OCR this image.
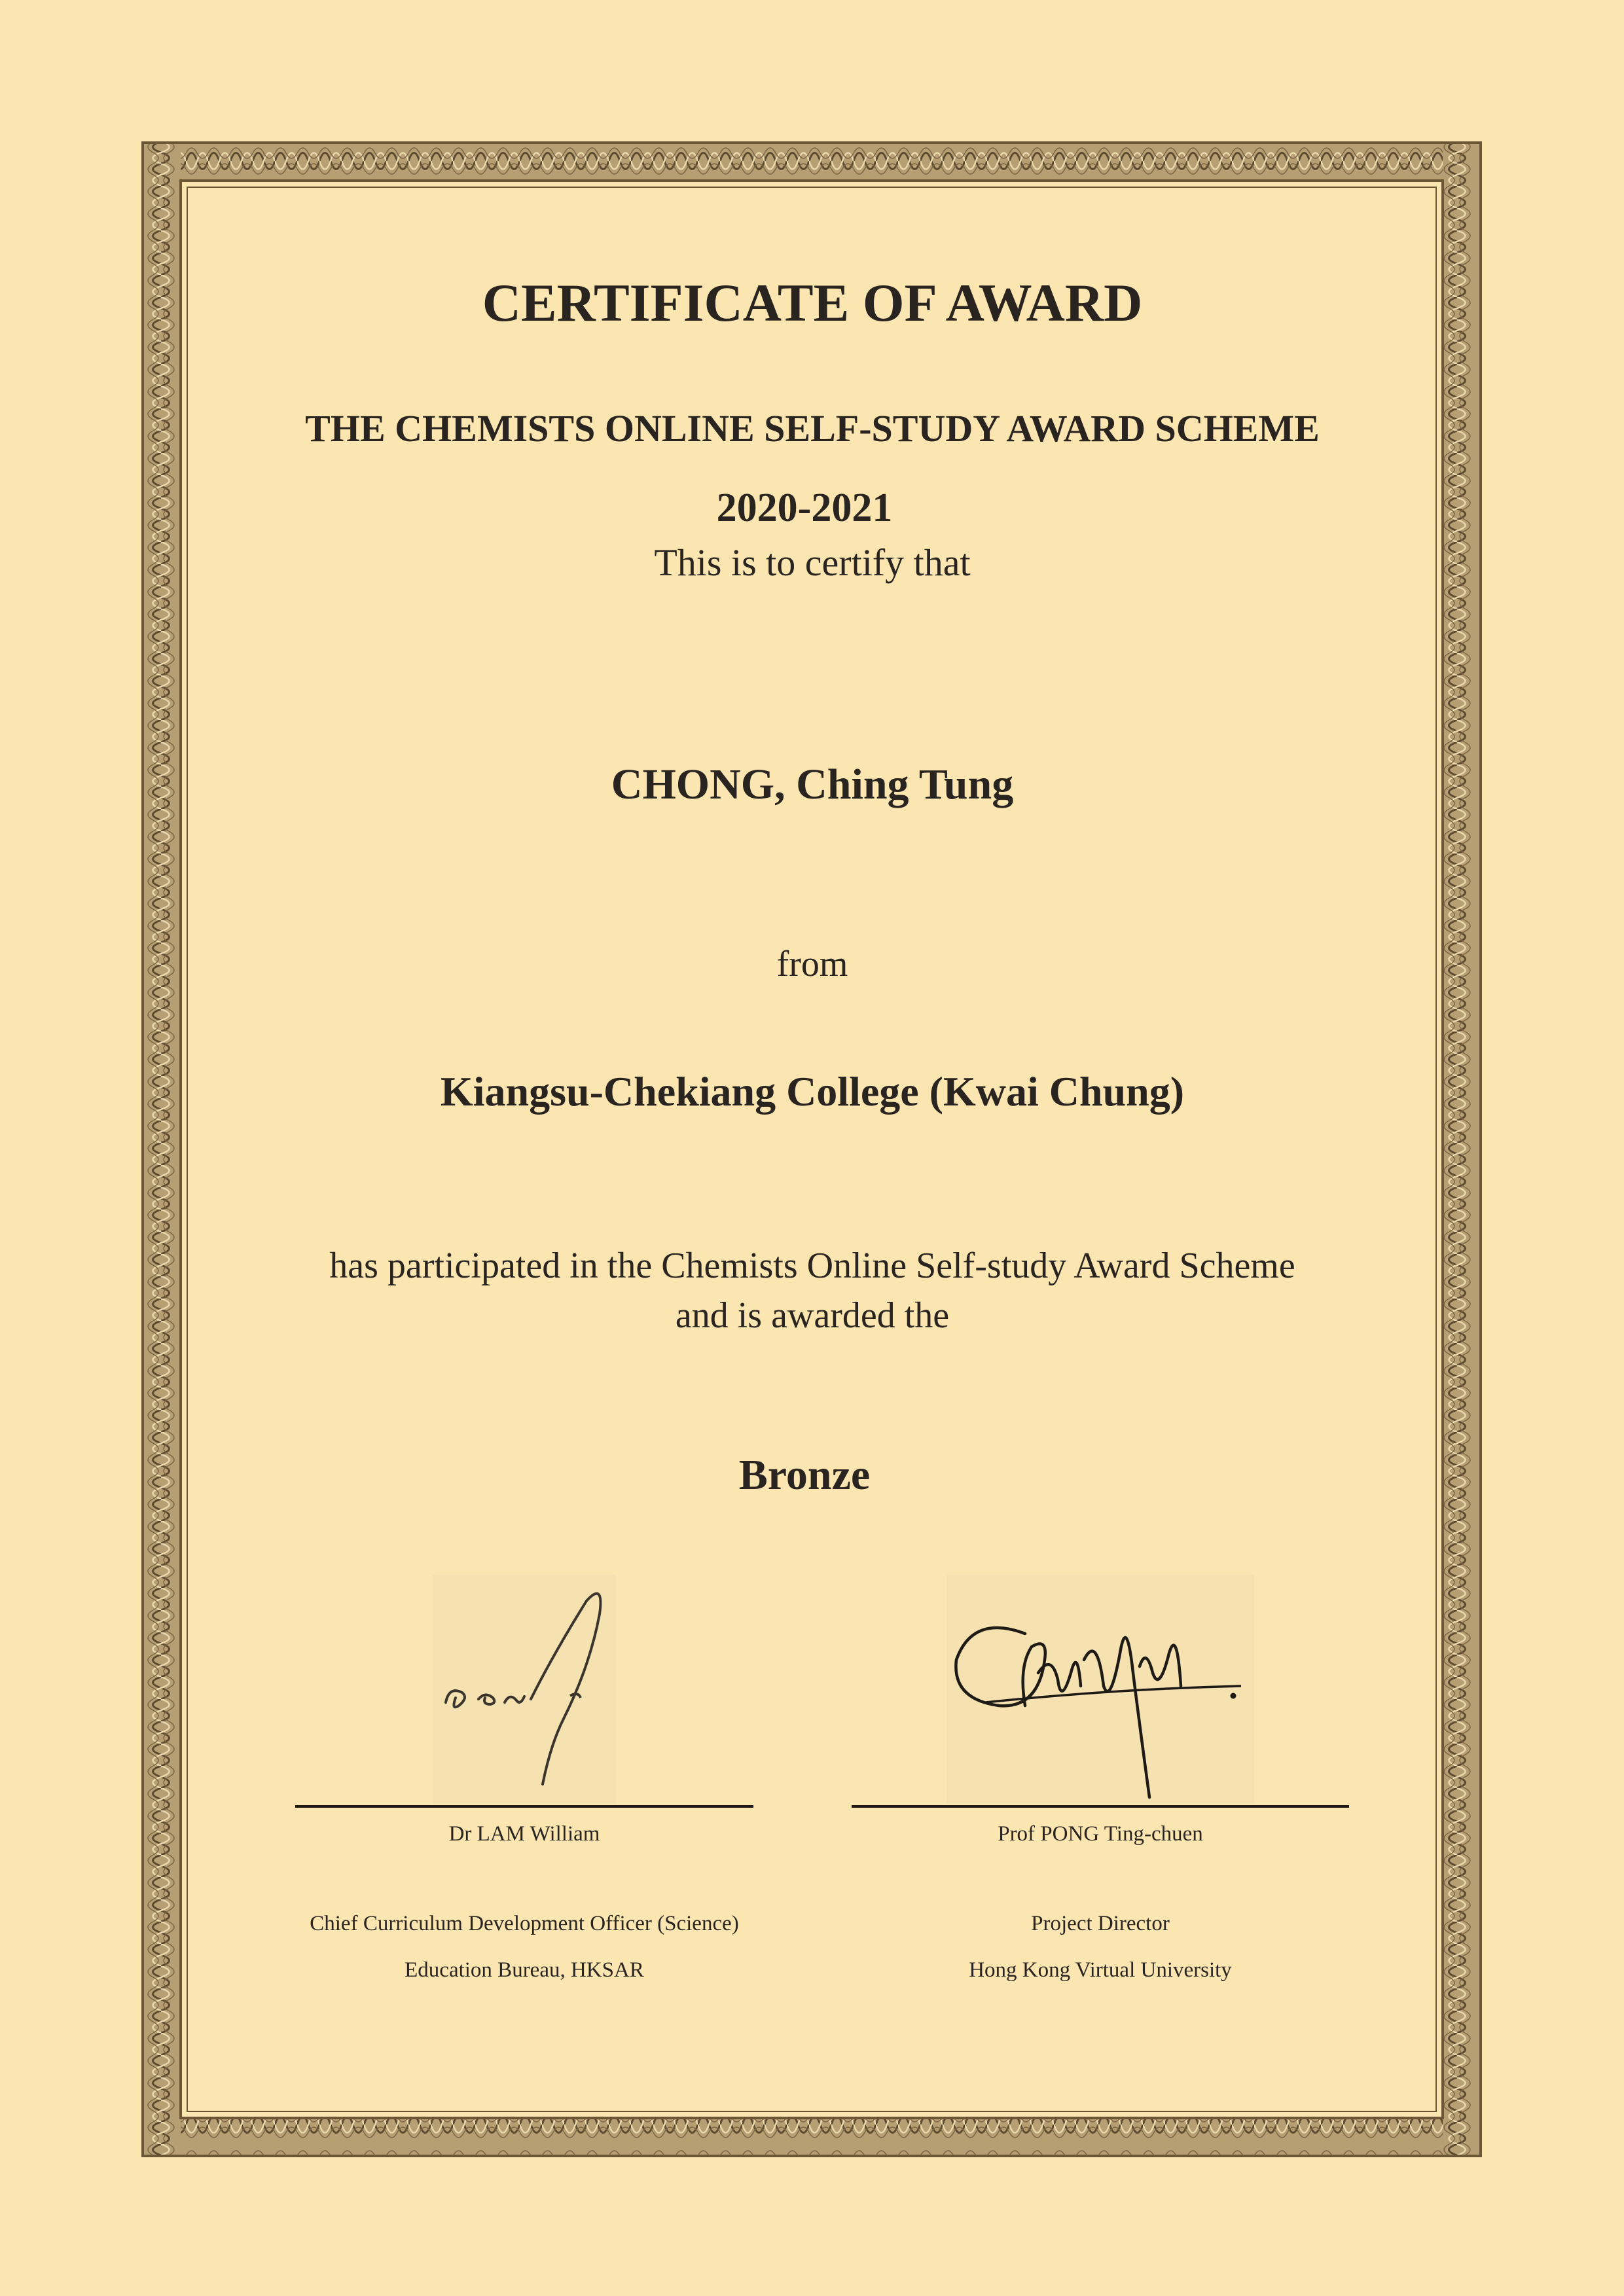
CERTIFICATE OF AWARD
THE CHEMISTS ONLINE SELF-STUDY AWARD SCHEME
2020-2021
This is to certify that
CHONG, Ching Tung
from
Kiangsu-Chekiang College (Kwai Chung)
has participated in the Chemists Online Self-study Award Scheme
and is awarded the
Bronze
Dr LAM William
Chief Curriculum Development Officer (Science)
Education Bureau, HKSAR
Prof PONG Ting-chuen
Project Director
Hong Kong Virtual University
